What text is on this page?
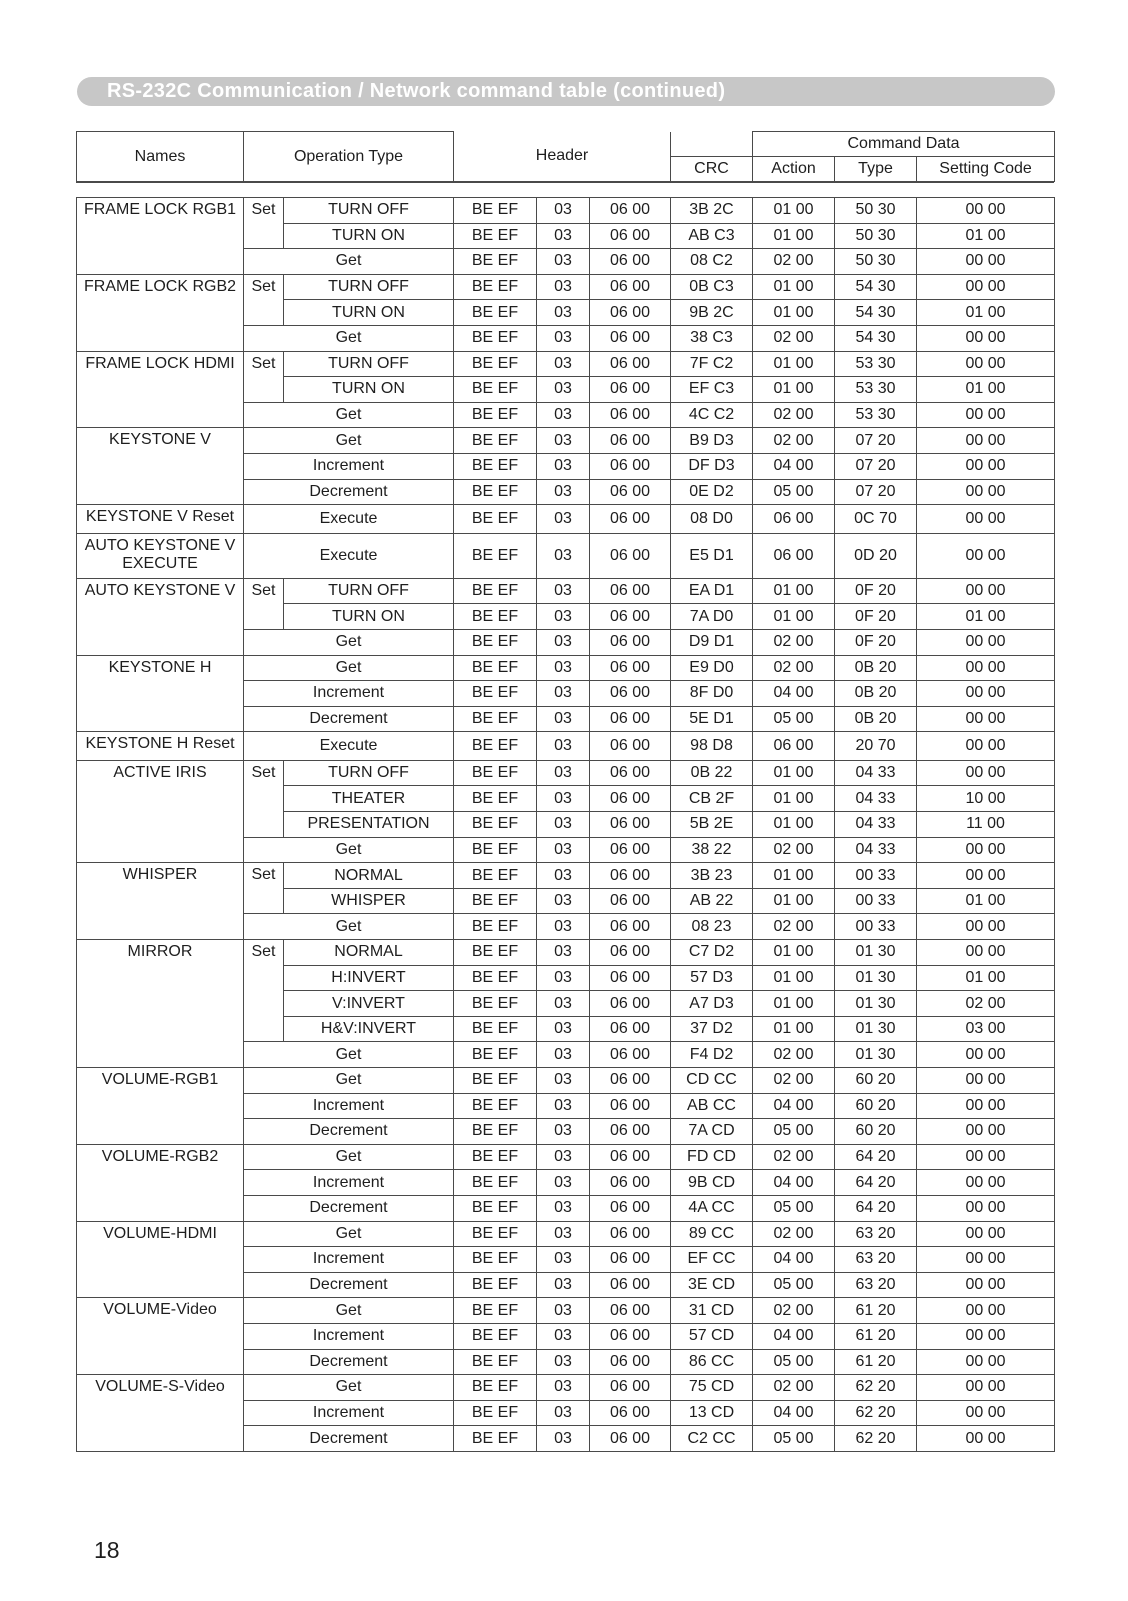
RS-232C Communication / Network command table (continued)
Names	Operation Type	Header		Command Data		
			CRC	Action	Type	Setting Code
FRAME LOCK RGB1	Set	TURN OFF	BE EF	03	06 00	3B 2C	01 00	50 30	00 00
		TURN ON	BE EF	03	06 00	AB C3	01 00	50 30	01 00
	Get		BE EF	03	06 00	08 C2	02 00	50 30	00 00
FRAME LOCK RGB2	Set	TURN OFF	BE EF	03	06 00	0B C3	01 00	54 30	00 00
		TURN ON	BE EF	03	06 00	9B 2C	01 00	54 30	01 00
	Get		BE EF	03	06 00	38 C3	02 00	54 30	00 00
FRAME LOCK HDMI	Set	TURN OFF	BE EF	03	06 00	7F C2	01 00	53 30	00 00
		TURN ON	BE EF	03	06 00	EF C3	01 00	53 30	01 00
	Get		BE EF	03	06 00	4C C2	02 00	53 30	00 00
KEYSTONE V	Get		BE EF	03	06 00	B9 D3	02 00	07 20	00 00
	Increment		BE EF	03	06 00	DF D3	04 00	07 20	00 00
	Decrement		BE EF	03	06 00	0E D2	05 00	07 20	00 00
KEYSTONE V Reset	Execute		BE EF	03	06 00	08 D0	06 00	0C 70	00 00
AUTO KEYSTONE V EXECUTE	Execute		BE EF	03	06 00	E5 D1	06 00	0D 20	00 00
AUTO KEYSTONE V	Set	TURN OFF	BE EF	03	06 00	EA D1	01 00	0F 20	00 00
		TURN ON	BE EF	03	06 00	7A D0	01 00	0F 20	01 00
	Get		BE EF	03	06 00	D9 D1	02 00	0F 20	00 00
KEYSTONE H	Get		BE EF	03	06 00	E9 D0	02 00	0B 20	00 00
	Increment		BE EF	03	06 00	8F D0	04 00	0B 20	00 00
	Decrement		BE EF	03	06 00	5E D1	05 00	0B 20	00 00
KEYSTONE H Reset	Execute		BE EF	03	06 00	98 D8	06 00	20 70	00 00
ACTIVE IRIS	Set	TURN OFF	BE EF	03	06 00	0B 22	01 00	04 33	00 00
		THEATER	BE EF	03	06 00	CB 2F	01 00	04 33	10 00
		PRESENTATION	BE EF	03	06 00	5B 2E	01 00	04 33	11 00
	Get		BE EF	03	06 00	38 22	02 00	04 33	00 00
WHISPER	Set	NORMAL	BE EF	03	06 00	3B 23	01 00	00 33	00 00
		WHISPER	BE EF	03	06 00	AB 22	01 00	00 33	01 00
	Get		BE EF	03	06 00	08 23	02 00	00 33	00 00
MIRROR	Set	NORMAL	BE EF	03	06 00	C7 D2	01 00	01 30	00 00
		H:INVERT	BE EF	03	06 00	57 D3	01 00	01 30	01 00
		V:INVERT	BE EF	03	06 00	A7 D3	01 00	01 30	02 00
		H&V:INVERT	BE EF	03	06 00	37 D2	01 00	01 30	03 00
	Get		BE EF	03	06 00	F4 D2	02 00	01 30	00 00
VOLUME-RGB1	Get		BE EF	03	06 00	CD CC	02 00	60 20	00 00
	Increment		BE EF	03	06 00	AB CC	04 00	60 20	00 00
	Decrement		BE EF	03	06 00	7A CD	05 00	60 20	00 00
VOLUME-RGB2	Get		BE EF	03	06 00	FD CD	02 00	64 20	00 00
	Increment		BE EF	03	06 00	9B CD	04 00	64 20	00 00
	Decrement		BE EF	03	06 00	4A CC	05 00	64 20	00 00
VOLUME-HDMI	Get		BE EF	03	06 00	89 CC	02 00	63 20	00 00
	Increment		BE EF	03	06 00	EF CC	04 00	63 20	00 00
	Decrement		BE EF	03	06 00	3E CD	05 00	63 20	00 00
VOLUME-Video	Get		BE EF	03	06 00	31 CD	02 00	61 20	00 00
	Increment		BE EF	03	06 00	57 CD	04 00	61 20	00 00
	Decrement		BE EF	03	06 00	86 CC	05 00	61 20	00 00
VOLUME-S-Video	Get		BE EF	03	06 00	75 CD	02 00	62 20	00 00
	Increment		BE EF	03	06 00	13 CD	04 00	62 20	00 00
	Decrement		BE EF	03	06 00	C2 CC	05 00	62 20	00 00
18
